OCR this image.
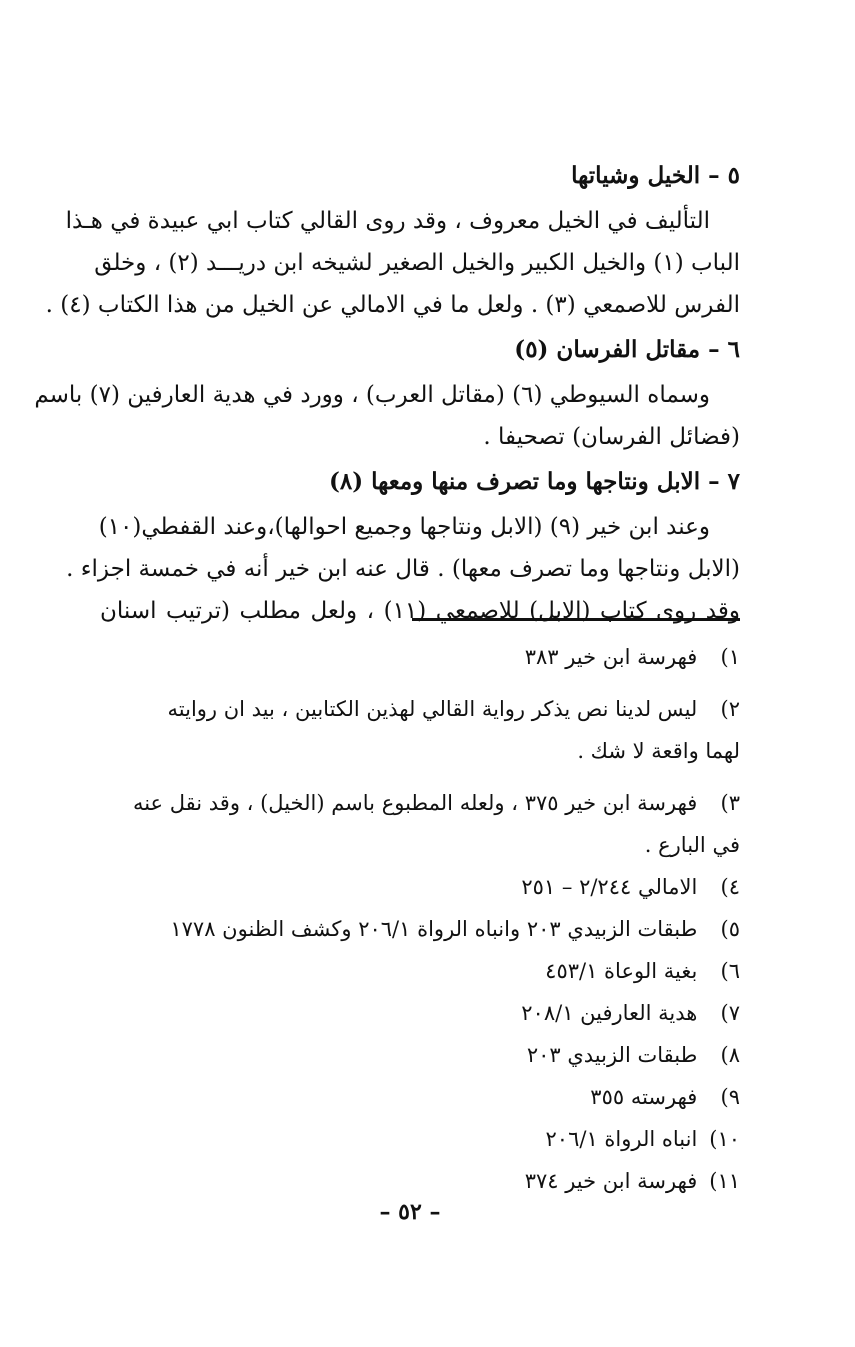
٥ – الخيل وشياتها

التأليف في الخيل معروف ، وقد روى القالي كتاب ابي عبيدة في هـذا

الباب (١) والخيل الكبير والخيل الصغير لشيخه ابن دريـــد (٢) ، وخلق

الفرس للاصمعي (٣) . ولعل ما في الامالي عن الخيل من هذا الكتاب (٤) .

٦ – مقاتل الفرسان (٥)

وسماه السيوطي (٦) (مقاتل العرب) ، وورد في هدية العارفين (٧) باسم

(فضائل الفرسان) تصحيفا .

٧ – الابل ونتاجها وما تصرف منها ومعها (٨)

وعند ابن خير (٩) (الابل ونتاجها وجميع احوالها)،وعند القفطي(١٠)

(الابل ونتاجها وما تصرف معها) . قال عنه ابن خير أنه في خمسة اجزاء .

وقد روى كتاب (الابل) للاصمعي (١١) ، ولعل مطلب (ترتيب اسنان

١) فهرسة ابن خير ٣٨٣

٢) ليس لدينا نص يذكر رواية القالي لهذين الكتابين ، بيد ان روايته

لهما واقعة لا شك .

٣) فهرسة ابن خير ٣٧٥ ، ولعله المطبوع باسم (الخيل) ، وقد نقل عنه

في البارع .

٤) الامالي ٢/٢٤٤ – ٢٥١

٥) طبقات الزبيدي ٢٠٣ وانباه الرواة ٢٠٦/١ وكشف الظنون ١٧٧٨

٦) بغية الوعاة ٤٥٣/١

٧) هدية العارفين ٢٠٨/١

٨) طبقات الزبيدي ٢٠٣

٩) فهرسته ٣٥٥

١٠) انباه الرواة ٢٠٦/١

١١) فهرسة ابن خير ٣٧٤

– ٥٢ –
